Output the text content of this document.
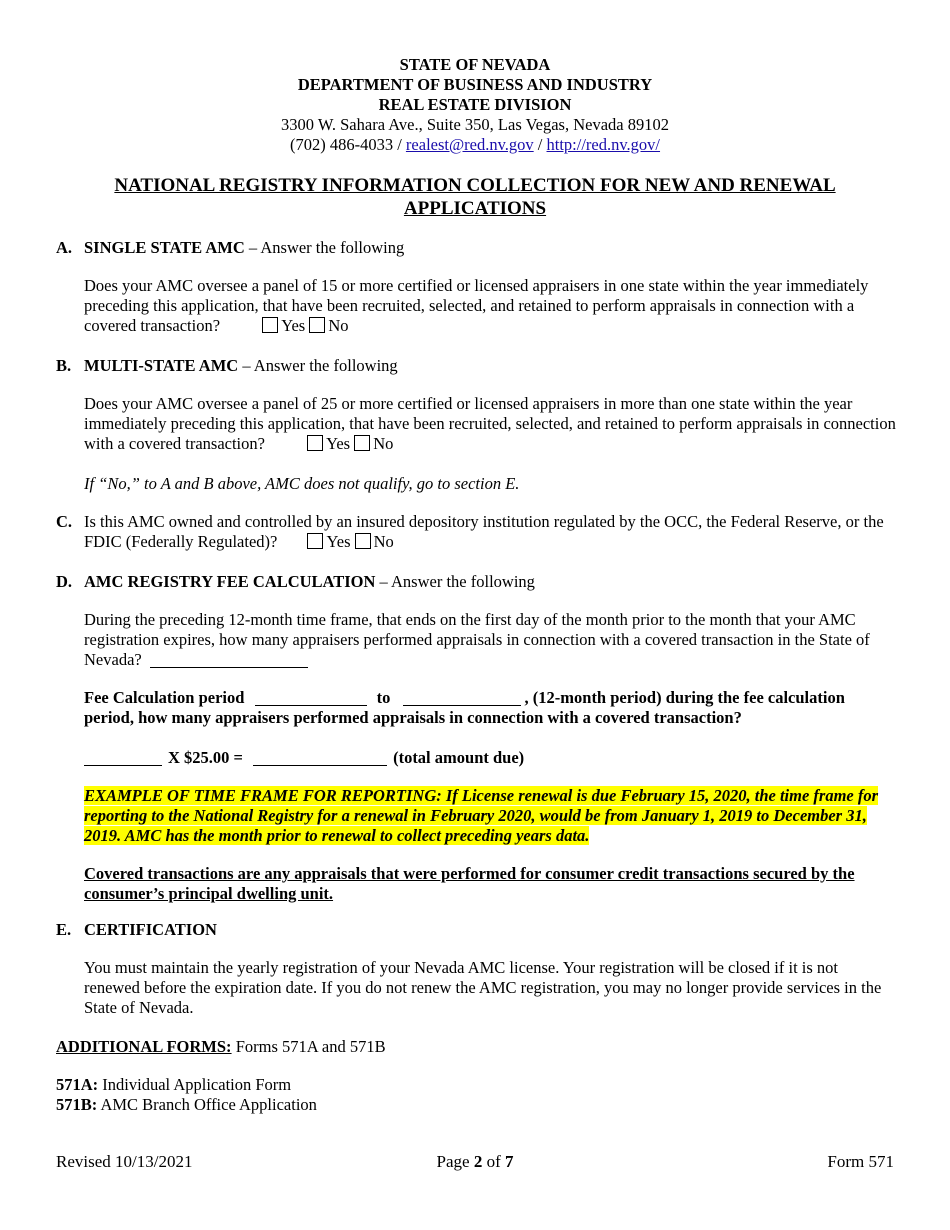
STATE OF NEVADA
DEPARTMENT OF BUSINESS AND INDUSTRY
REAL ESTATE DIVISION
3300 W. Sahara Ave., Suite 350, Las Vegas, Nevada 89102
(702) 486-4033 / realest@red.nv.gov / http://red.nv.gov/
NATIONAL REGISTRY INFORMATION COLLECTION FOR NEW AND RENEWAL APPLICATIONS
A. SINGLE STATE AMC – Answer the following
Does your AMC oversee a panel of 15 or more certified or licensed appraisers in one state within the year immediately preceding this application, that have been recruited, selected, and retained to perform appraisals in connection with a covered transaction?	Yes No
B. MULTI-STATE AMC – Answer the following
Does your AMC oversee a panel of 25 or more certified or licensed appraisers in more than one state within the year immediately preceding this application, that have been recruited, selected, and retained to perform appraisals in connection with a covered transaction?	Yes No
If “No,” to A and B above, AMC does not qualify, go to section E.
C. Is this AMC owned and controlled by an insured depository institution regulated by the OCC, the Federal Reserve, or the FDIC (Federally Regulated)?	Yes No
D. AMC REGISTRY FEE CALCULATION – Answer the following
During the preceding 12-month time frame, that ends on the first day of the month prior to the month that your AMC registration expires, how many appraisers performed appraisals in connection with a covered transaction in the State of Nevada?
Fee Calculation period	to	, (12-month period) during the fee calculation period, how many appraisers performed appraisals in connection with a covered transaction?
X $25.00 =	(total amount due)
EXAMPLE OF TIME FRAME FOR REPORTING: If License renewal is due February 15, 2020, the time frame for reporting to the National Registry for a renewal in February 2020, would be from January 1, 2019 to December 31, 2019. AMC has the month prior to renewal to collect preceding years data.
Covered transactions are any appraisals that were performed for consumer credit transactions secured by the consumer’s principal dwelling unit.
E. CERTIFICATION
You must maintain the yearly registration of your Nevada AMC license. Your registration will be closed if it is not renewed before the expiration date. If you do not renew the AMC registration, you may no longer provide services in the State of Nevada.
ADDITIONAL FORMS: Forms 571A and 571B
571A: Individual Application Form
571B: AMC Branch Office Application
Revised 10/13/2021	Page 2 of 7	Form 571
